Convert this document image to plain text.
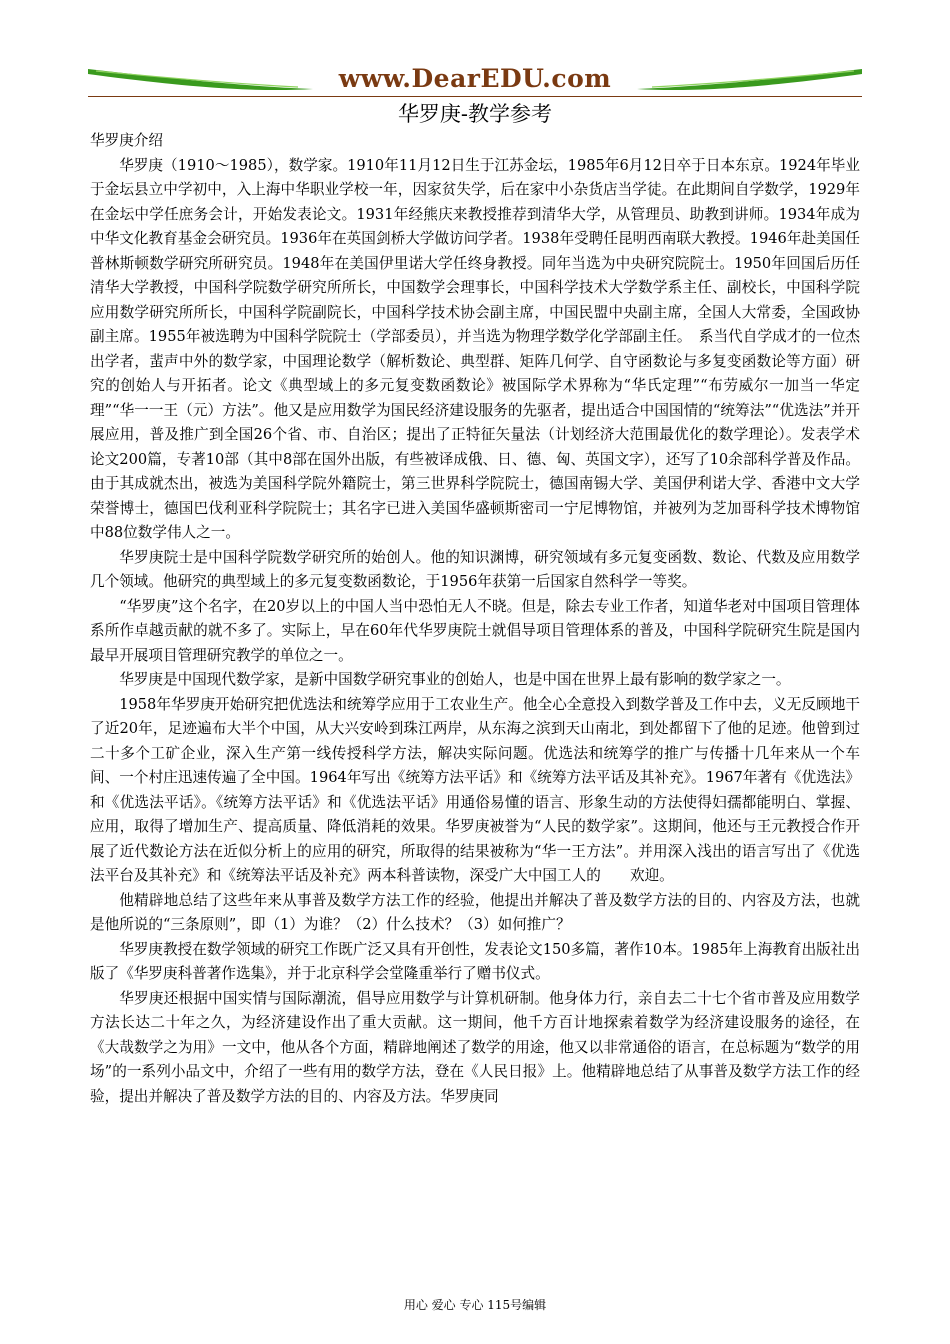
www.DearEDU.com
华罗庚-教学参考

华罗庚介绍

华罗庚（1910～1985），数学家。1910年11月12日生于江苏金坛，1985年6月12日卒于日本东京。1924年毕业于金坛县立中学初中，入上海中华职业学校一年，因家贫失学，后在家中小杂货店当学徒。在此期间自学数学，1929年在金坛中学任庶务会计，开始发表论文。1931年经熊庆来教授推荐到清华大学，从管理员、助教到讲师。1934年成为中华文化教育基金会研究员。1936年在英国剑桥大学做访问学者。1938年受聘任昆明西南联大教授。1946年赴美国任普林斯顿数学研究所研究员。1948年在美国伊里诺大学任终身教授。同年当选为中央研究院院士。1950年回国后历任清华大学教授，中国科学院数学研究所所长，中国数学会理事长，中国科学技术大学数学系主任、副校长，中国科学院应用数学研究所所长，中国科学院副院长，中国科学技术协会副主席，中国民盟中央副主席，全国人大常委，全国政协副主席。1955年被选聘为中国科学院院士（学部委员），并当选为物理学数学化学部副主任。　系当代自学成才的一位杰出学者，蜚声中外的数学家，中国理论数学（解析数论、典型群、矩阵几何学、自守函数论与多复变函数论等方面）研究的创始人与开拓者。论文《典型域上的多元复变数函数论》被国际学术界称为“华氏定理”“布劳威尔一加当一华定理”“华一一王（元）方法”。他又是应用数学为国民经济建设服务的先驱者，提出适合中国国情的“统筹法”“优选法”并开展应用，普及推广到全国26个省、市、自治区；提出了正特征矢量法（计划经济大范围最优化的数学理论）。发表学术论文200篇，专著10部（其中8部在国外出版，有些被译成俄、日、德、匈、英国文字），还写了10余部科学普及作品。由于其成就杰出，被选为美国科学院外籍院士，第三世界科学院院士，德国南锡大学、美国伊利诺大学、香港中文大学荣誉博士，德国巴伐利亚科学院院士；其名字已进入美国华盛顿斯密司一宁尼博物馆，并被列为芝加哥科学技术博物馆中88位数学伟人之一。

华罗庚院士是中国科学院数学研究所的始创人。他的知识渊博，研究领域有多元复变函数、数论、代数及应用数学几个领域。他研究的典型域上的多元复变数函数论，于1956年获第一后国家自然科学一等奖。

“华罗庚”这个名字，在20岁以上的中国人当中恐怕无人不晓。但是，除去专业工作者，知道华老对中国项目管理体系所作卓越贡献的就不多了。实际上，早在60年代华罗庚院士就倡导项目管理体系的普及，中国科学院研究生院是国内最早开展项目管理研究教学的单位之一。

华罗庚是中国现代数学家，是新中国数学研究事业的创始人，也是中国在世界上最有影响的数学家之一。

1958年华罗庚开始研究把优选法和统筹学应用于工农业生产。他全心全意投入到数学普及工作中去，义无反顾地干了近20年，足迹遍布大半个中国，从大兴安岭到珠江两岸，从东海之滨到天山南北，到处都留下了他的足迹。他曾到过二十多个工矿企业，深入生产第一线传授科学方法，解决实际问题。优选法和统筹学的推广与传播十几年来从一个车间、一个村庄迅速传遍了全中国。1964年写出《统筹方法平话》和《统筹方法平话及其补充》。1967年著有《优选法》和《优选法平话》。《统筹方法平话》和《优选法平话》用通俗易懂的语言、形象生动的方法使得妇孺都能明白、掌握、应用，取得了增加生产、提高质量、降低消耗的效果。华罗庚被誉为“人民的数学家”。这期间，他还与王元教授合作开展了近代数论方法在近似分析上的应用的研究，所取得的结果被称为“华一王方法”。并用深入浅出的语言写出了《优选法平台及其补充》和《统筹法平话及补充》两本科普读物，深受广大中国工人的　　欢迎。

他精辟地总结了这些年来从事普及数学方法工作的经验，他提出并解决了普及数学方法的目的、内容及方法，也就是他所说的“三条原则”，即（1）为谁？（2）什么技术？（3）如何推广？

华罗庚教授在数学领域的研究工作既广泛又具有开创性，发表论文150多篇，著作10本。1985年上海教育出版社出版了《华罗庚科普著作选集》，并于北京科学会堂隆重举行了赠书仪式。

华罗庚还根据中国实情与国际潮流，倡导应用数学与计算机研制。他身体力行，亲自去二十七个省市普及应用数学方法长达二十年之久，为经济建设作出了重大贡献。这一期间，他千方百计地探索着数学为经济建设服务的途径，在《大哉数学之为用》一文中，他从各个方面，精辟地阐述了数学的用途，他又以非常通俗的语言，在总标题为“数学的用场”的一系列小品文中，介绍了一些有用的数学方法，登在《人民日报》上。他精辟地总结了从事普及数学方法工作的经验，提出并解决了普及数学方法的目的、内容及方法。华罗庚同

用心 爱心 专心 115号编辑
